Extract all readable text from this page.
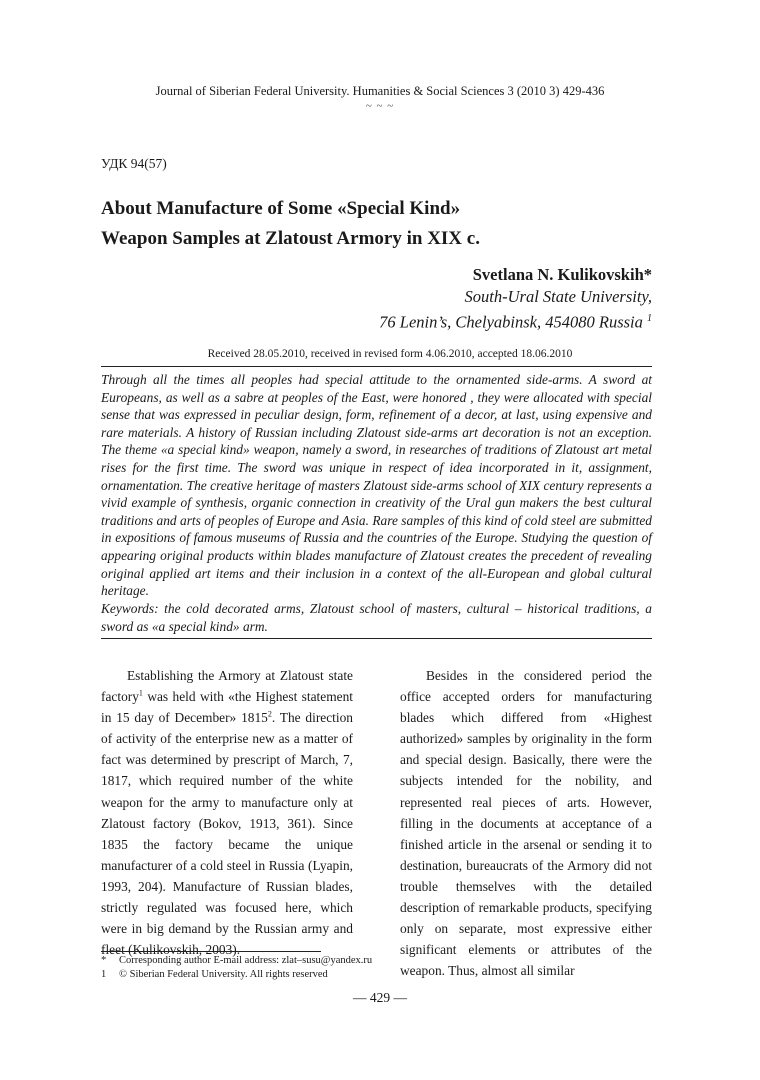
Journal of Siberian Federal University. Humanities & Social Sciences 3 (2010 3) 429-436
~ ~ ~
УДК 94(57)
About Manufacture of Some «Special Kind»
Weapon Samples at Zlatoust Armory in XIX c.
Svetlana N. Kulikovskih*
South-Ural State University,
76 Lenin’s, Chelyabinsk, 454080 Russia $^1$
Received 28.05.2010, received in revised form 4.06.2010, accepted 18.06.2010
Through all the times all peoples had special attitude to the ornamented side-arms. A sword at Europeans, as well as a sabre at peoples of the East, were honored , they were allocated with special sense that was expressed in peculiar design, form, refinement of a decor, at last, using expensive and rare materials. A history of Russian including Zlatoust side-arms art decoration is not an exception. The theme «a special kind» weapon, namely a sword, in researches of traditions of Zlatoust art metal rises for the first time. The sword was unique in respect of idea incorporated in it, assignment, ornamentation. The creative heritage of masters Zlatoust side-arms school of XIX century represents a vivid example of synthesis, organic connection in creativity of the Ural gun makers the best cultural traditions and arts of peoples of Europe and Asia. Rare samples of this kind of cold steel are submitted in expositions of famous museums of Russia and the countries of the Europe. Studying the question of appearing original products within blades manufacture of Zlatoust creates the precedent of revealing original applied art items and their inclusion in a context of the all-European and global cultural heritage.
Keywords: the cold decorated arms, Zlatoust school of masters, cultural – historical traditions, a sword as «a special kind» arm.

Establishing the Armory at Zlatoust state factory$^1$ was held with «the Highest statement in 15 day of December» 1815$^2$. The direction of activity of the enterprise new as a matter of fact was determined by prescript of March, 7, 1817, which required number of the white weapon for the army to manufacture only at Zlatoust factory (Bokov, 1913, 361). Since 1835 the factory became the unique manufacturer of a cold steel in Russia (Lyapin, 1993, 204). Manufacture of Russian blades, strictly regulated was focused here, which were in big demand by the Russian army and fleet (Kulikovskih, 2003).

Besides in the considered period the office accepted orders for manufacturing blades which differed from «Highest authorized» samples by originality in the form and special design. Basically, there were the subjects intended for the nobility, and represented real pieces of arts. However, filling in the documents at acceptance of a finished article in the arsenal or sending it to destination, bureaucrats of the Armory did not trouble themselves with the detailed description of remarkable products, specifying only on separate, most expressive either significant elements or attributes of the weapon. Thus, almost all similar

*	Corresponding author E-mail address: zlat–susu@yandex.ru
1	© Siberian Federal University. All rights reserved
— 429 —
